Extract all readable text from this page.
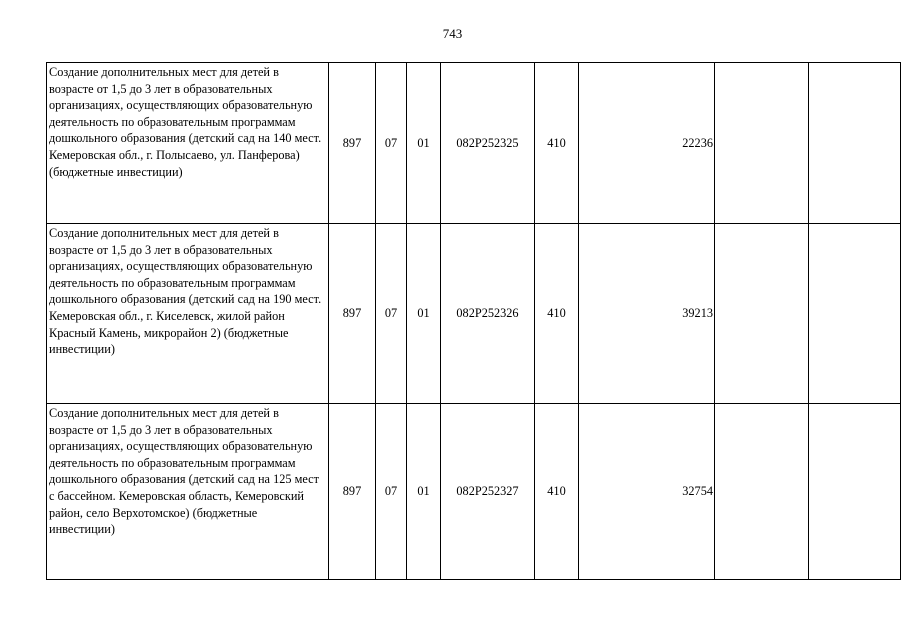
743
Создание дополнительных мест для детей в возрасте от 1,5 до 3 лет в образовательных организациях, осуществляющих образовательную деятельность по образовательным программам дошкольного образования (детский сад на 140 мест. Кемеровская обл., г. Полысаево, ул. Панферова) (бюджетные инвестиции)	897	07	01	082P252325	410	22236		
Создание дополнительных мест для детей в возрасте от 1,5 до 3 лет в образовательных организациях, осуществляющих образовательную деятельность по образовательным программам дошкольного образования (детский сад на 190 мест. Кемеровская обл., г. Киселевск, жилой район Красный Камень, микрорайон 2) (бюджетные инвестиции)	897	07	01	082P252326	410	39213		
Создание дополнительных мест для детей в возрасте от 1,5 до 3 лет в образовательных организациях, осуществляющих образовательную деятельность по образовательным программам дошкольного образования (детский сад на 125 мест с бассейном. Кемеровская область, Кемеровский район, село Верхотомское) (бюджетные инвестиции)	897	07	01	082P252327	410	32754		
